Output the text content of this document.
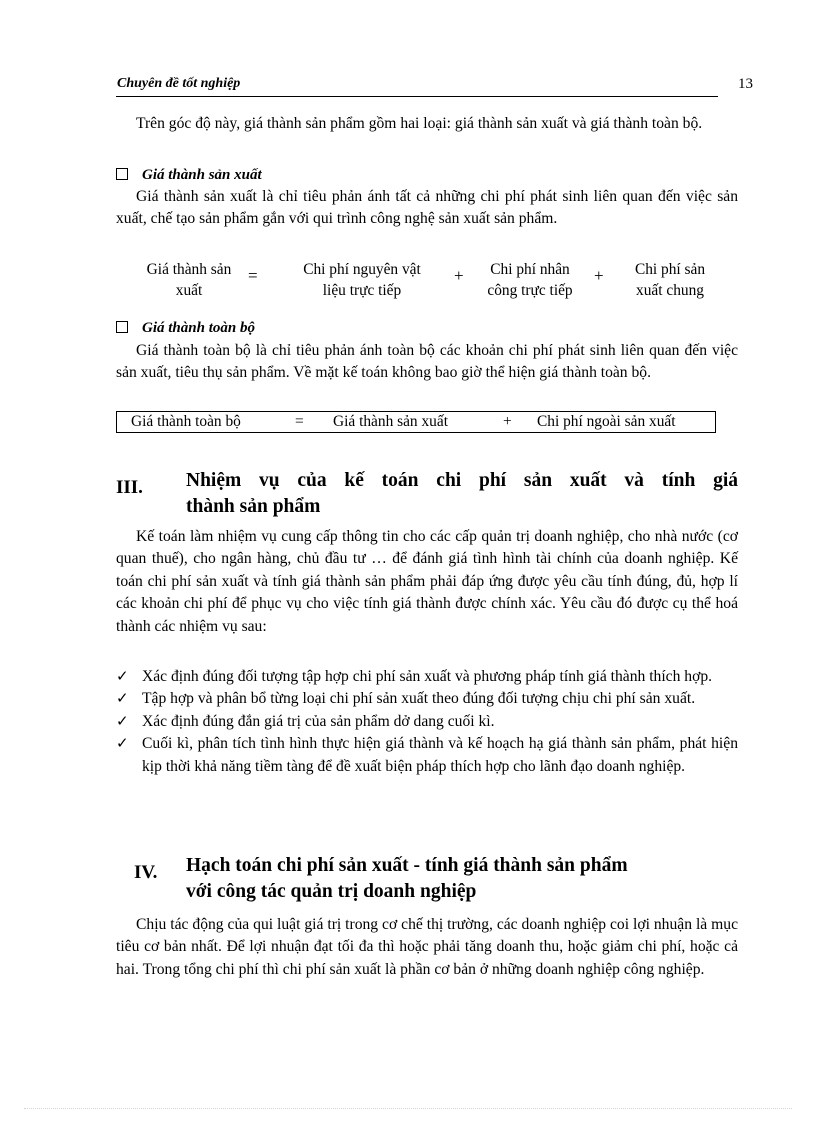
Chuyên đề tốt nghiệp	13

Trên góc độ này, giá thành sản phẩm gồm hai loại: giá thành sản xuất và giá thành toàn bộ.

Giá thành sản xuất

Giá thành sản xuất là chỉ tiêu phản ánh tất cả những chi phí phát sinh liên quan đến việc sản xuất, chế tạo sản phẩm gắn với qui trình công nghệ sản xuất sản phẩm.

Giá thành sản
xuất
=	Chi phí nguyên vật
liệu trực tiếp
+	Chi phí nhân
công trực tiếp
+	Chi phí sản
xuất chung
Giá thành toàn bộ

Giá thành toàn bộ là chỉ tiêu phản ánh toàn bộ các khoản chi phí phát sinh liên quan đến việc sản xuất, tiêu thụ sản phẩm. Về mặt kế toán không bao giờ thể hiện giá thành toàn bộ.

Giá thành toàn bộ	= Giá thành sản xuất	+ Chi phí ngoài sản xuất
III. Nhiệm vụ của kế toán chi phí sản xuất và tính giá
thành sản phẩm

Kế toán làm nhiệm vụ cung cấp thông tin cho các cấp quản trị doanh nghiệp, cho nhà nước (cơ quan thuế), cho ngân hàng, chủ đầu tư … để đánh giá tình hình tài chính của doanh nghiệp. Kế toán chi phí sản xuất và tính giá thành sản phẩm phải đáp ứng được yêu cầu tính đúng, đủ, hợp lí các khoản chi phí để phục vụ cho việc tính giá thành được chính xác. Yêu cầu đó được cụ thể hoá thành các nhiệm vụ sau:

✓ Xác định đúng đối tượng tập hợp chi phí sản xuất và phương pháp tính giá thành thích hợp.
✓ Tập hợp và phân bổ từng loại chi phí sản xuất theo đúng đối tượng chịu chi phí sản xuất.
✓ Xác định đúng đắn giá trị của sản phẩm dở dang cuối kì.
✓ Cuối kì, phân tích tình hình thực hiện giá thành và kế hoạch hạ giá thành sản phẩm, phát hiện kịp thời khả năng tiềm tàng để đề xuất biện pháp thích hợp cho lãnh đạo doanh nghiệp.
IV. Hạch toán chi phí sản xuất - tính giá thành sản phẩm
với công tác quản trị doanh nghiệp

Chịu tác động của qui luật giá trị trong cơ chế thị trường, các doanh nghiệp coi lợi nhuận là mục tiêu cơ bản nhất. Để lợi nhuận đạt tối đa thì hoặc phải tăng doanh thu, hoặc giảm chi phí, hoặc cả hai. Trong tổng chi phí thì chi phí sản xuất là phần cơ bản ở những doanh nghiệp công nghiệp.
